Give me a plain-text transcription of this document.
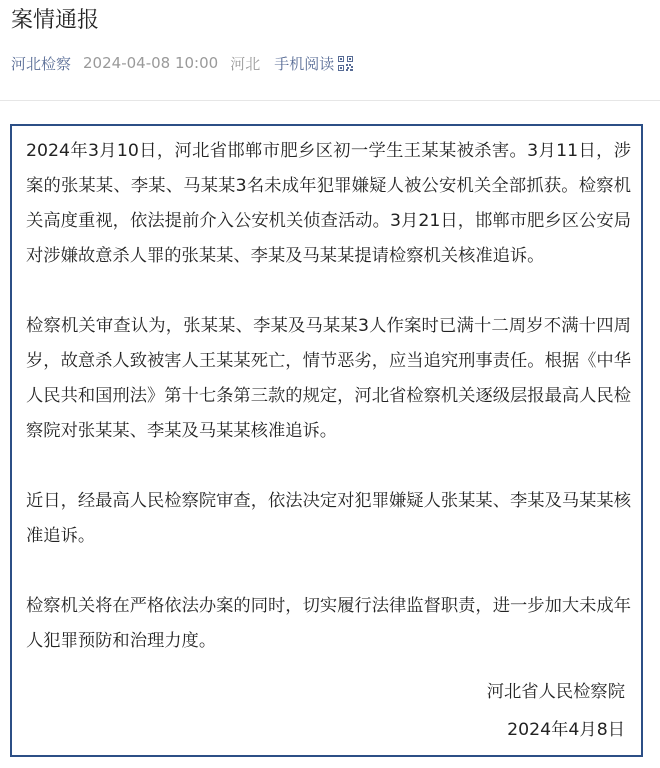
案情通报
河北检察 2024-04-08 10:00 河北 手机阅读

2024年3月10日，河北省邯郸市肥乡区初一学生王某某被杀害。3月11日，涉案的张某某、李某、马某某3名未成年犯罪嫌疑人被公安机关全部抓获。检察机关高度重视，依法提前介入公安机关侦查活动。3月21日，邯郸市肥乡区公安局对涉嫌故意杀人罪的张某某、李某及马某某提请检察机关核准追诉。

检察机关审查认为，张某某、李某及马某某3人作案时已满十二周岁不满十四周岁，故意杀人致被害人王某某死亡，情节恶劣，应当追究刑事责任。根据《中华人民共和国刑法》第十七条第三款的规定，河北省检察机关逐级层报最高人民检察院对张某某、李某及马某某核准追诉。

近日，经最高人民检察院审查，依法决定对犯罪嫌疑人张某某、李某及马某某核准追诉。

检察机关将在严格依法办案的同时，切实履行法律监督职责，进一步加大未成年人犯罪预防和治理力度。

河北省人民检察院
2024年4月8日
